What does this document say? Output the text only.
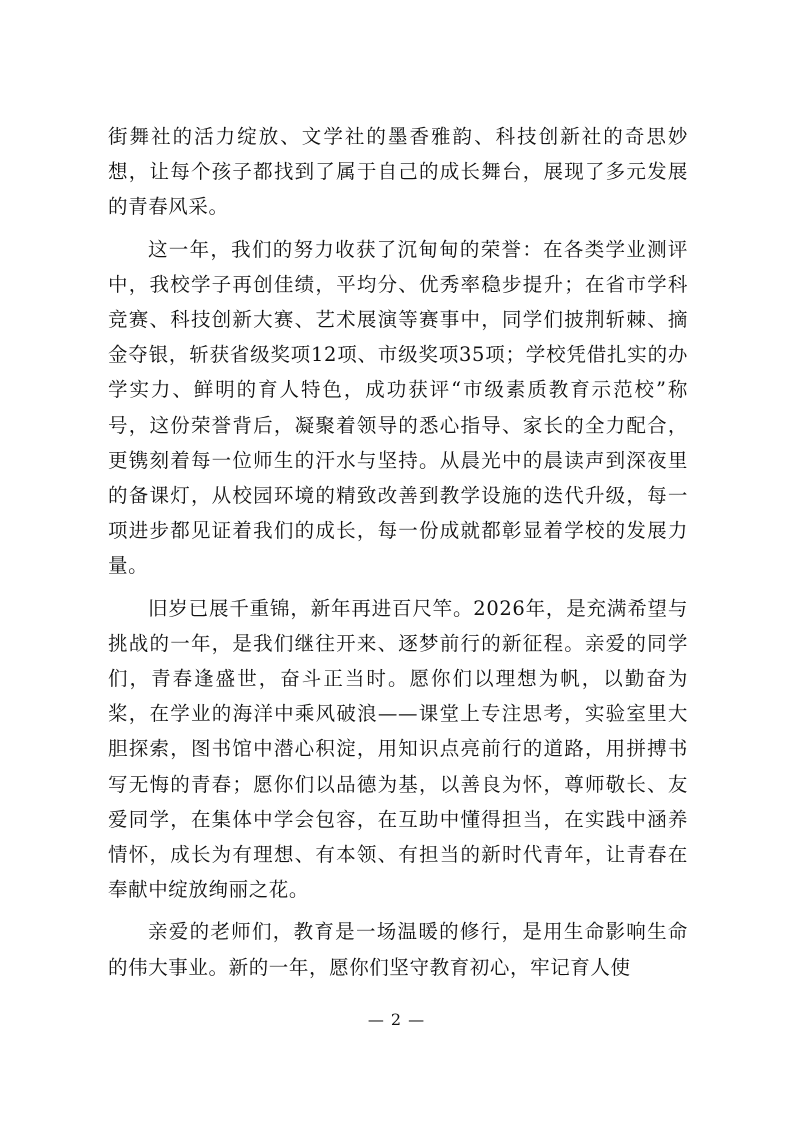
街舞社的活力绽放、文学社的墨香雅韵、科技创新社的奇思妙想，让每个孩子都找到了属于自己的成长舞台，展现了多元发展的青春风采。

这一年，我们的努力收获了沉甸甸的荣誉：在各类学业测评中，我校学子再创佳绩，平均分、优秀率稳步提升；在省市学科竞赛、科技创新大赛、艺术展演等赛事中，同学们披荆斩棘、摘金夺银，斩获省级奖项12项、市级奖项35项；学校凭借扎实的办学实力、鲜明的育人特色，成功获评“市级素质教育示范校”称号，这份荣誉背后，凝聚着领导的悉心指导、家长的全力配合，更镌刻着每一位师生的汗水与坚持。从晨光中的晨读声到深夜里的备课灯，从校园环境的精致改善到教学设施的迭代升级，每一项进步都见证着我们的成长，每一份成就都彰显着学校的发展力量。

旧岁已展千重锦，新年再进百尺竿。2026年，是充满希望与挑战的一年，是我们继往开来、逐梦前行的新征程。亲爱的同学们，青春逢盛世，奋斗正当时。愿你们以理想为帆，以勤奋为桨，在学业的海洋中乘风破浪——课堂上专注思考，实验室里大胆探索，图书馆中潜心积淀，用知识点亮前行的道路，用拼搏书写无悔的青春；愿你们以品德为基，以善良为怀，尊师敬长、友爱同学，在集体中学会包容，在互助中懂得担当，在实践中涵养情怀，成长为有理想、有本领、有担当的新时代青年，让青春在奉献中绽放绚丽之花。

亲爱的老师们，教育是一场温暖的修行，是用生命影响生命的伟大事业。新的一年，愿你们坚守教育初心，牢记育人使

— 2 —
